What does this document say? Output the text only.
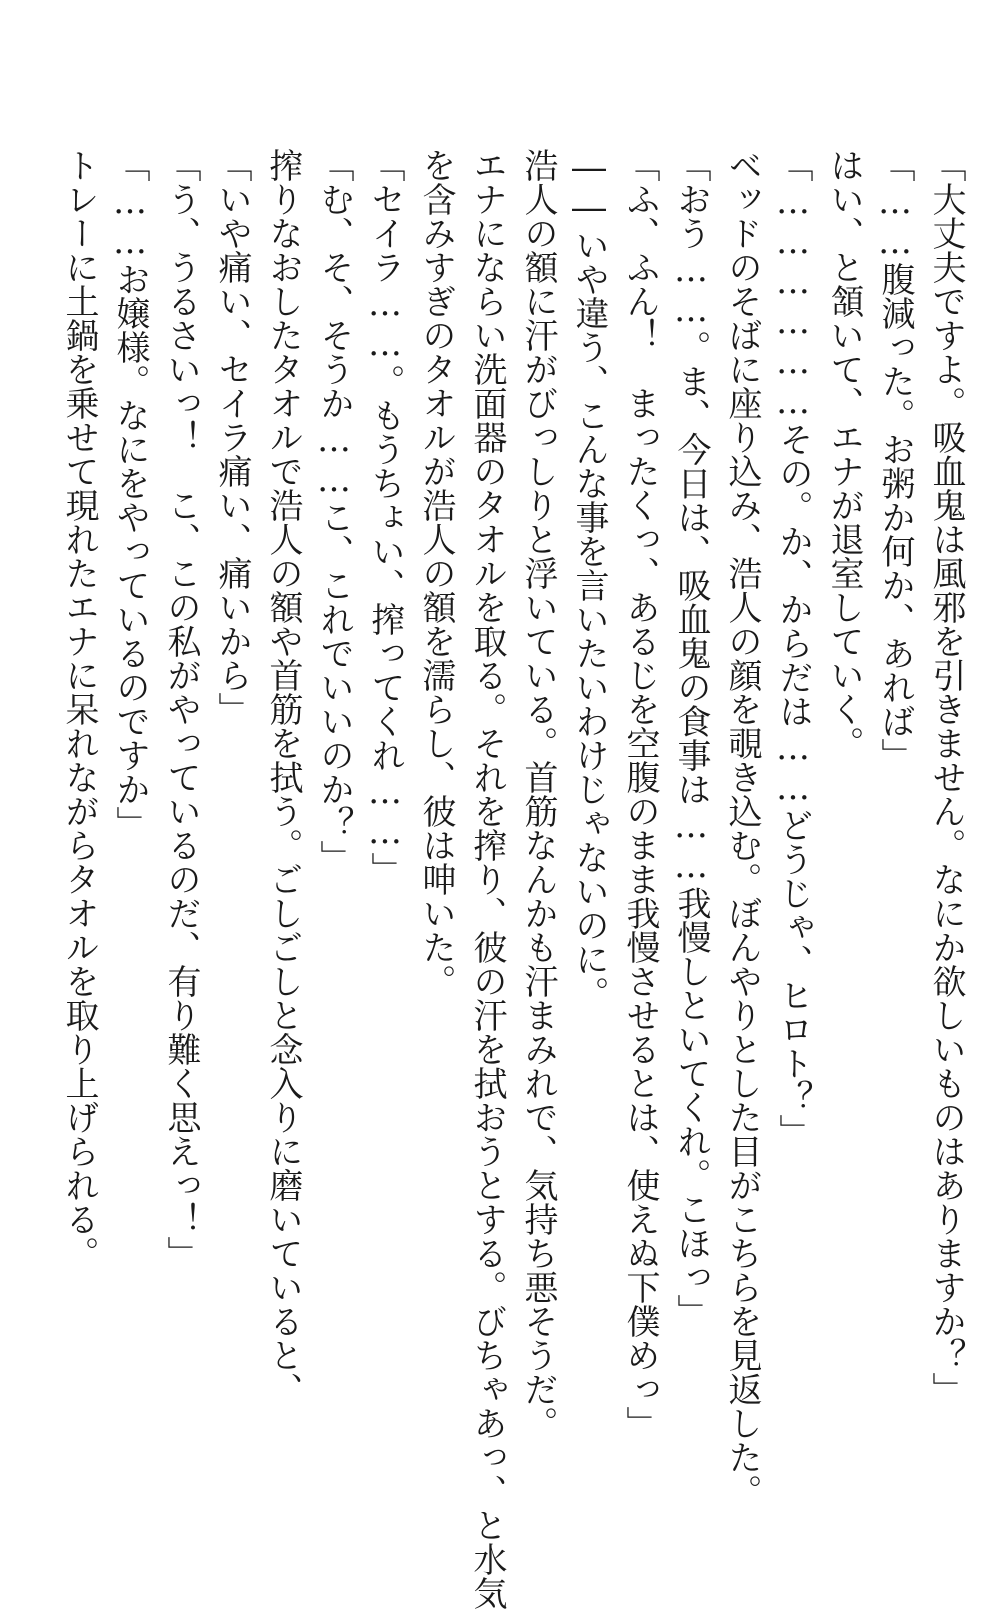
「大丈夫ですよ。吸血鬼は風邪を引きません。なにか欲しいものはありますか？」
「……腹減った。お粥か何か、あれば」
はい、と頷いて、エナが退室していく。
「………………その。か、からだは……どうじゃ、ヒロト？」
ベッドのそばに座り込み、浩人の顔を覗き込む。ぼんやりとした目がこちらを見返した。
「おう……。ま、今日は、吸血鬼の食事は……我慢しといてくれ。こほっ」
「ふ、ふん！　まったくっ、あるじを空腹のまま我慢させるとは、使えぬ下僕めっ」
――いや違う、こんな事を言いたいわけじゃないのに。
浩人の額に汗がびっしりと浮いている。首筋なんかも汗まみれで、気持ち悪そうだ。
エナにならい洗面器のタオルを取る。それを搾り、彼の汗を拭おうとする。びちゃあっ、と水気
を含みすぎのタオルが浩人の額を濡らし、彼は呻いた。
「セイラ……。もうちょい、搾ってくれ……」
「む、そ、そうか……こ、これでいいのか？」
搾りなおしたタオルで浩人の額や首筋を拭う。ごしごしと念入りに磨いていると、
「いや痛い、セイラ痛い、痛いから」
「う、うるさいっ！　こ、この私がやっているのだ、有り難く思えっ！」
「……お嬢様。なにをやっているのですか」
トレーに土鍋を乗せて現れたエナに呆れながらタオルを取り上げられる。
